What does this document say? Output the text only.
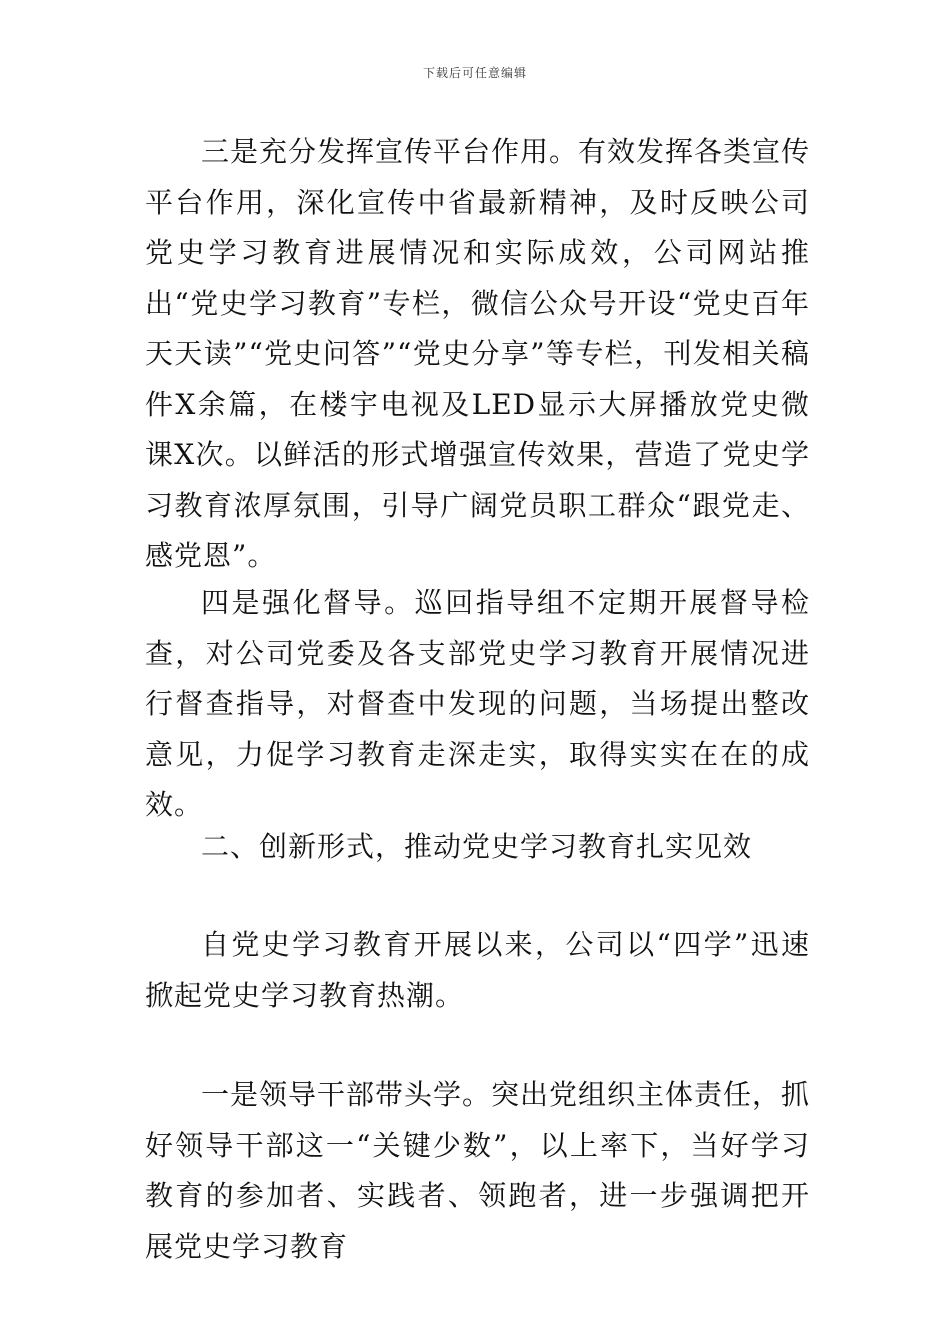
下载后可任意编辑

三是充分发挥宣传平台作用。有效发挥各类宣传平台作用，深化宣传中省最新精神，及时反映公司党史学习教育进展情况和实际成效，公司网站推出“党史学习教育”专栏，微信公众号开设“党史百年天天读”“党史问答”“党史分享”等专栏，刊发相关稿件X余篇，在楼宇电视及LED显示大屏播放党史微课X次。以鲜活的形式增强宣传效果，营造了党史学习教育浓厚氛围，引导广阔党员职工群众“跟党走、感党恩”。

四是强化督导。巡回指导组不定期开展督导检查，对公司党委及各支部党史学习教育开展情况进行督查指导，对督查中发现的问题，当场提出整改意见，力促学习教育走深走实，取得实实在在的成效。

二、创新形式，推动党史学习教育扎实见效

自党史学习教育开展以来，公司以“四学”迅速掀起党史学习教育热潮。

一是领导干部带头学。突出党组织主体责任，抓好领导干部这一“关键少数”，以上率下，当好学习教育的参加者、实践者、领跑者，进一步强调把开展党史学习教育
